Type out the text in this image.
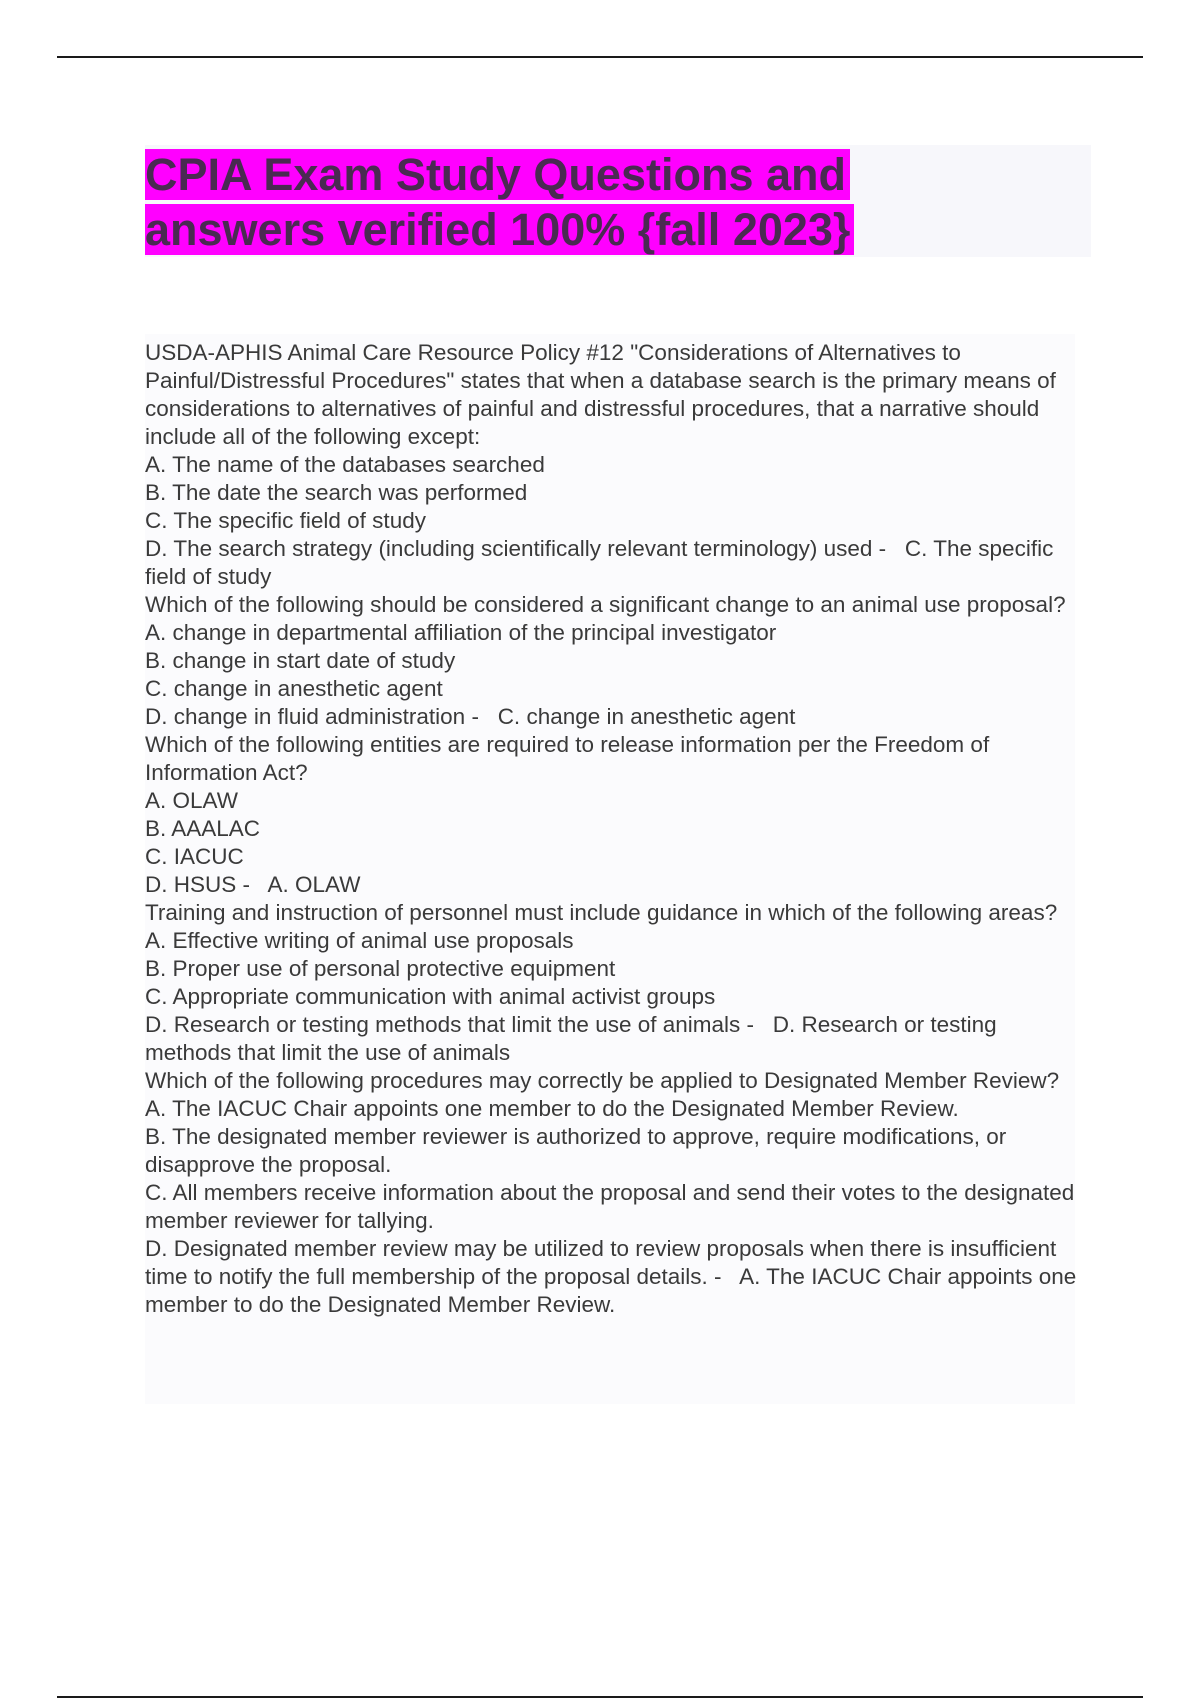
CPIA Exam Study Questions and answers verified 100% {fall 2023}

USDA-APHIS Animal Care Resource Policy #12 "Considerations of Alternatives to Painful/Distressful Procedures" states that when a database search is the primary means of considerations to alternatives of painful and distressful procedures, that a narrative should include all of the following except:

A. The name of the databases searched

B. The date the search was performed

C. The specific field of study

D. The search strategy (including scientifically relevant terminology) used -   C. The specific field of study

Which of the following should be considered a significant change to an animal use proposal?

A. change in departmental affiliation of the principal investigator

B. change in start date of study

C. change in anesthetic agent

D. change in fluid administration -   C. change in anesthetic agent

Which of the following entities are required to release information per the Freedom of Information Act?

A. OLAW

B. AAALAC

C. IACUC

D. HSUS -   A. OLAW

Training and instruction of personnel must include guidance in which of the following areas?

A. Effective writing of animal use proposals

B. Proper use of personal protective equipment

C. Appropriate communication with animal activist groups

D. Research or testing methods that limit the use of animals -   D. Research or testing methods that limit the use of animals

Which of the following procedures may correctly be applied to Designated Member Review?

A. The IACUC Chair appoints one member to do the Designated Member Review.

B. The designated member reviewer is authorized to approve, require modifications, or disapprove the proposal.

C. All members receive information about the proposal and send their votes to the designated member reviewer for tallying.

D. Designated member review may be utilized to review proposals when there is insufficient time to notify the full membership of the proposal details. -   A. The IACUC Chair appoints one member to do the Designated Member Review.
